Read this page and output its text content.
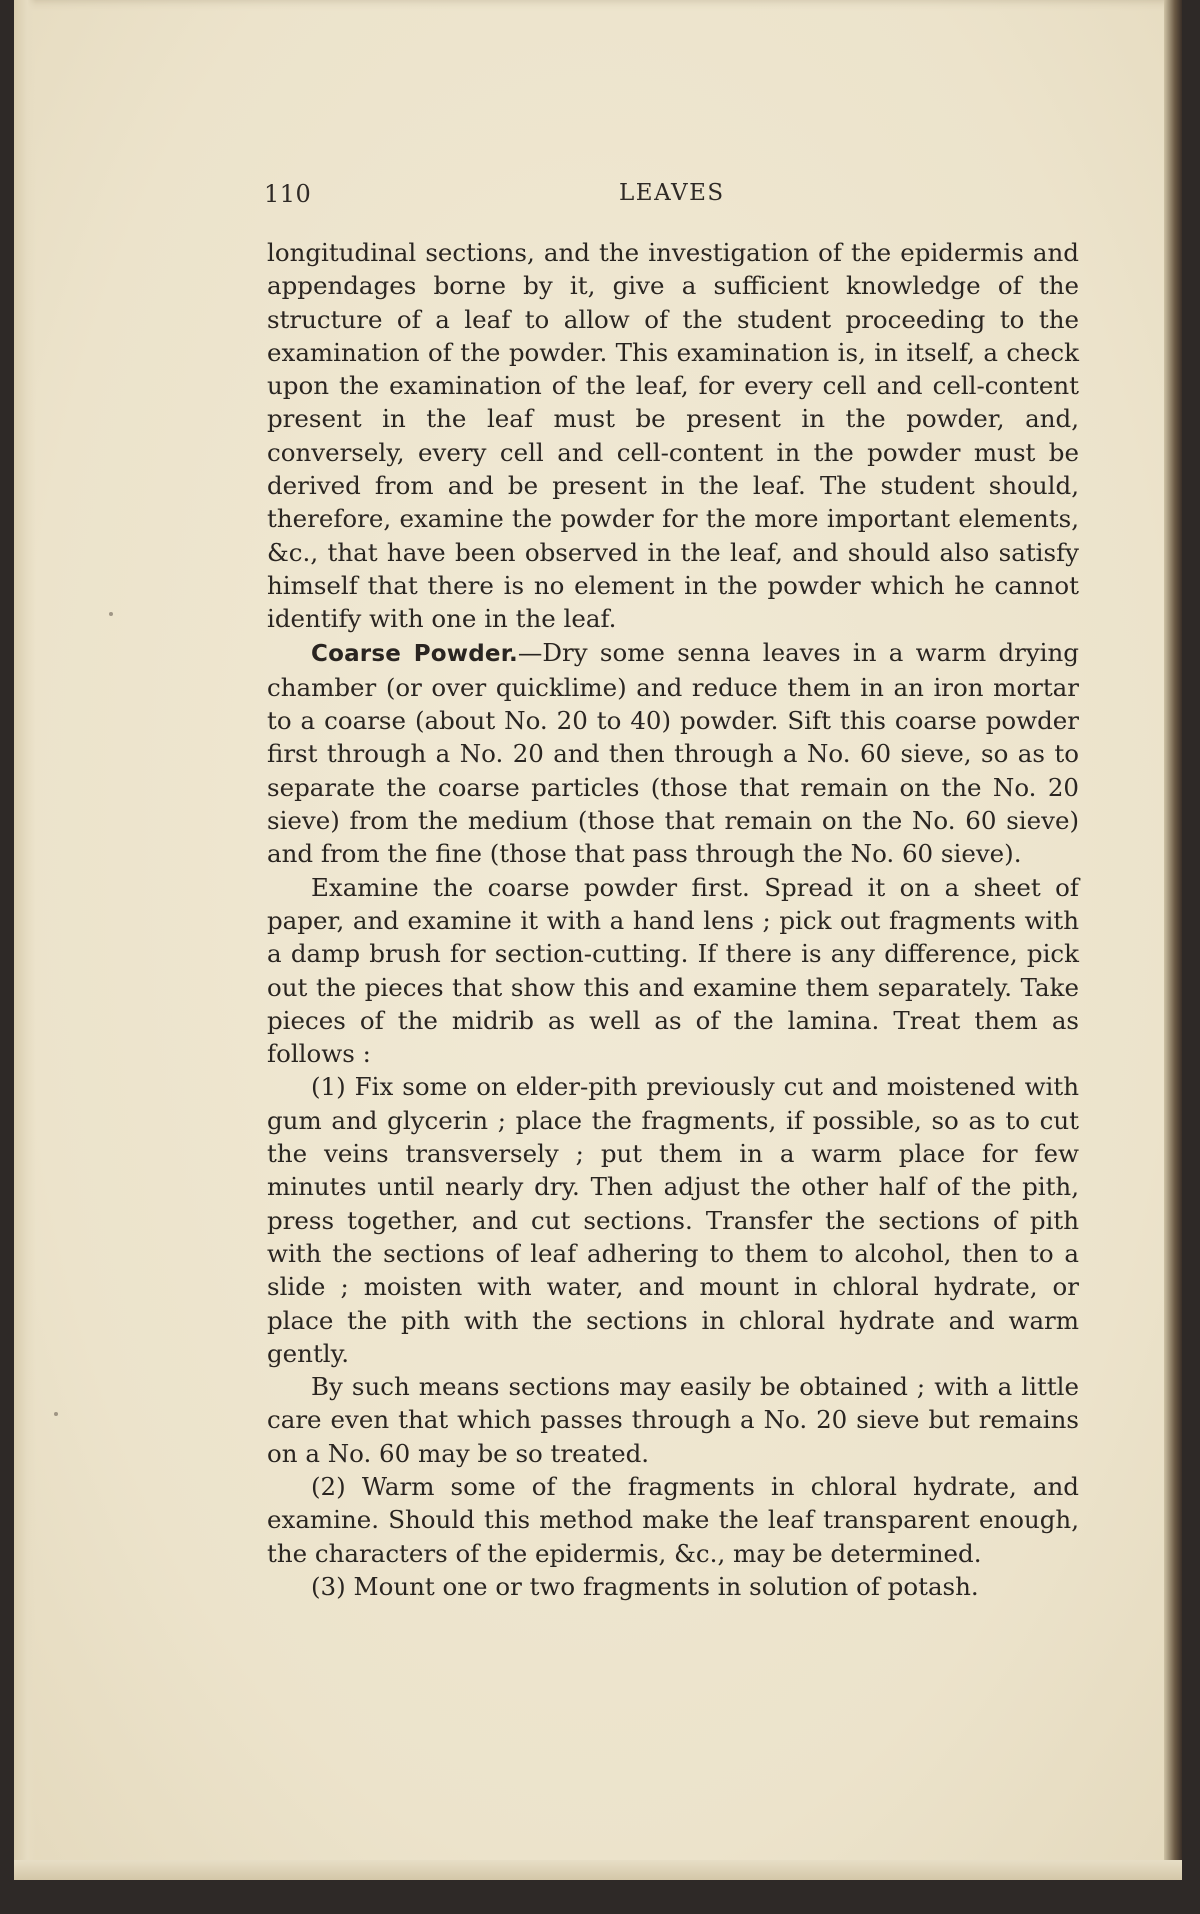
110	LEAVES

longitudinal sections, and the investigation of the epidermis and appendages borne by it, give a sufficient knowledge of the structure of a leaf to allow of the student proceeding to the examination of the powder. This examination is, in itself, a check upon the examination of the leaf, for every cell and cell-content present in the leaf must be present in the powder, and, conversely, every cell and cell-content in the powder must be derived from and be present in the leaf. The student should, therefore, examine the powder for the more important elements, &c., that have been observed in the leaf, and should also satisfy himself that there is no element in the powder which he cannot identify with one in the leaf.

Coarse Powder.—Dry some senna leaves in a warm drying chamber (or over quicklime) and reduce them in an iron mortar to a coarse (about No. 20 to 40) powder. Sift this coarse powder first through a No. 20 and then through a No. 60 sieve, so as to separate the coarse particles (those that remain on the No. 20 sieve) from the medium (those that remain on the No. 60 sieve) and from the fine (those that pass through the No. 60 sieve).

Examine the coarse powder first. Spread it on a sheet of paper, and examine it with a hand lens ; pick out fragments with a damp brush for section-cutting. If there is any difference, pick out the pieces that show this and examine them separately. Take pieces of the midrib as well as of the lamina. Treat them as follows :

(1) Fix some on elder-pith previously cut and moistened with gum and glycerin ; place the fragments, if possible, so as to cut the veins transversely ; put them in a warm place for few minutes until nearly dry. Then adjust the other half of the pith, press together, and cut sections. Transfer the sections of pith with the sections of leaf adhering to them to alcohol, then to a slide ; moisten with water, and mount in chloral hydrate, or place the pith with the sections in chloral hydrate and warm gently.

By such means sections may easily be obtained ; with a little care even that which passes through a No. 20 sieve but remains on a No. 60 may be so treated.

(2) Warm some of the fragments in chloral hydrate, and examine. Should this method make the leaf transparent enough, the characters of the epidermis, &c., may be determined.

(3) Mount one or two fragments in solution of potash.
